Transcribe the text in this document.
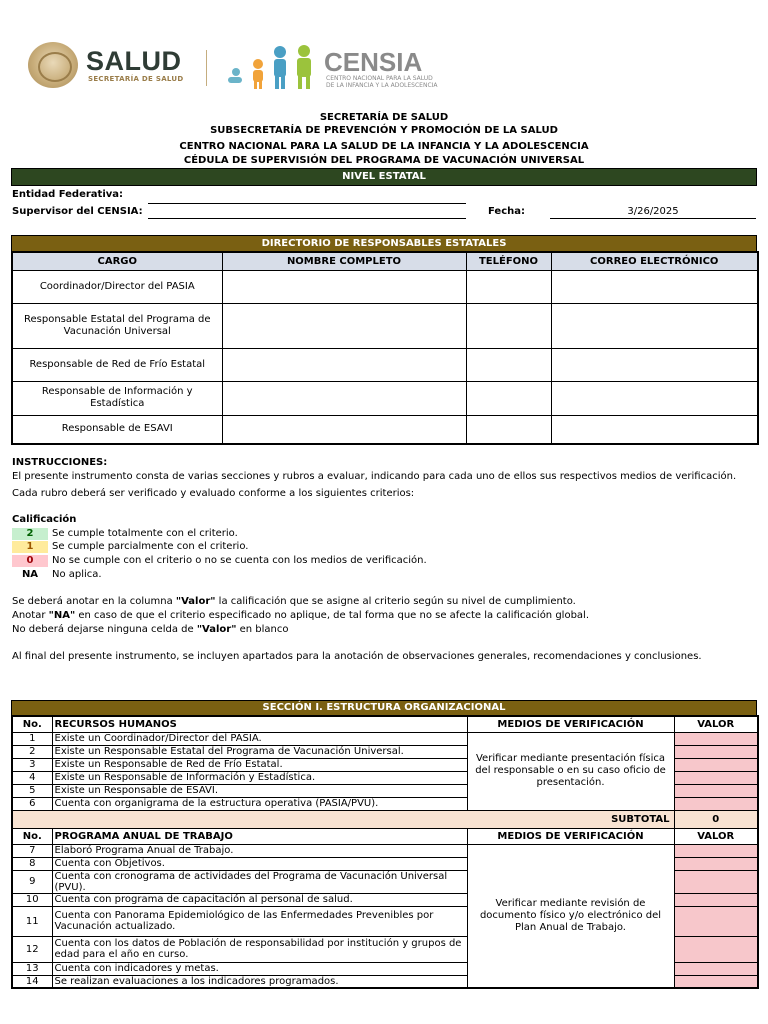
SALUD
SECRETARÍA DE SALUD
CENSIA
CENTRO NACIONAL PARA LA SALUD
DE LA INFANCIA Y LA ADOLESCENCIA
SECRETARÍA DE SALUD
SUBSECRETARÍA DE PREVENCIÓN Y PROMOCIÓN DE LA SALUD
CENTRO NACIONAL PARA LA SALUD DE LA INFANCIA Y LA ADOLESCENCIA
CÉDULA DE SUPERVISIÓN DEL PROGRAMA DE VACUNACIÓN UNIVERSAL
NIVEL ESTATAL
Entidad Federativa:
Supervisor del CENSIA:	Fecha:	3/26/2025
DIRECTORIO DE RESPONSABLES ESTATALES
CARGO	NOMBRE COMPLETO	TELÉFONO	CORREO ELECTRÓNICO
Coordinador/Director del PASIA			
Responsable Estatal del Programa de Vacunación Universal			
Responsable de Red de Frío Estatal			
Responsable de Información y Estadística			
Responsable de ESAVI			
INSTRUCCIONES:
El presente instrumento consta de varias secciones y rubros a evaluar, indicando para cada uno de ellos sus respectivos medios de verificación.
Cada rubro deberá ser verificado y evaluado conforme a los siguientes criterios:
Calificación
2	Se cumple totalmente con el criterio.
1	Se cumple parcialmente con el criterio.
0	No se cumple con el criterio o no se cuenta con los medios de verificación.
NA	No aplica.
Se deberá anotar en la columna "Valor" la calificación que se asigne al criterio según su nivel de cumplimiento.
Anotar "NA" en caso de que el criterio especificado no aplique, de tal forma que no se afecte la calificación global.
No deberá dejarse ninguna celda de "Valor" en blanco
Al final del presente instrumento, se incluyen apartados para la anotación de observaciones generales, recomendaciones y conclusiones.
SECCIÓN I. ESTRUCTURA ORGANIZACIONAL
No.	RECURSOS HUMANOS	MEDIOS DE VERIFICACIÓN	VALOR
1	Existe un Coordinador/Director del PASIA.	Verificar mediante presentación física del responsable o en su caso oficio de presentación.	
2	Existe un Responsable Estatal del Programa de Vacunación Universal.		
3	Existe un Responsable de Red de Frío Estatal.		
4	Existe un Responsable de Información y Estadística.		
5	Existe un Responsable de ESAVI.		
6	Cuenta con organigrama de la estructura operativa (PASIA/PVU).		
SUBTOTAL			0
No.	PROGRAMA ANUAL DE TRABAJO	MEDIOS DE VERIFICACIÓN	VALOR
7	Elaboró Programa Anual de Trabajo.	Verificar mediante revisión de documento físico y/o electrónico del Plan Anual de Trabajo.	
8	Cuenta con Objetivos.		
9	Cuenta con cronograma de actividades del Programa de Vacunación Universal (PVU).		
10	Cuenta con programa de capacitación al personal de salud.		
11	Cuenta con Panorama Epidemiológico de las Enfermedades Prevenibles por Vacunación actualizado.		
12	Cuenta con los datos de Población de responsabilidad por institución y grupos de edad para el año en curso.		
13	Cuenta con indicadores y metas.		
14	Se realizan evaluaciones a los indicadores programados.		
